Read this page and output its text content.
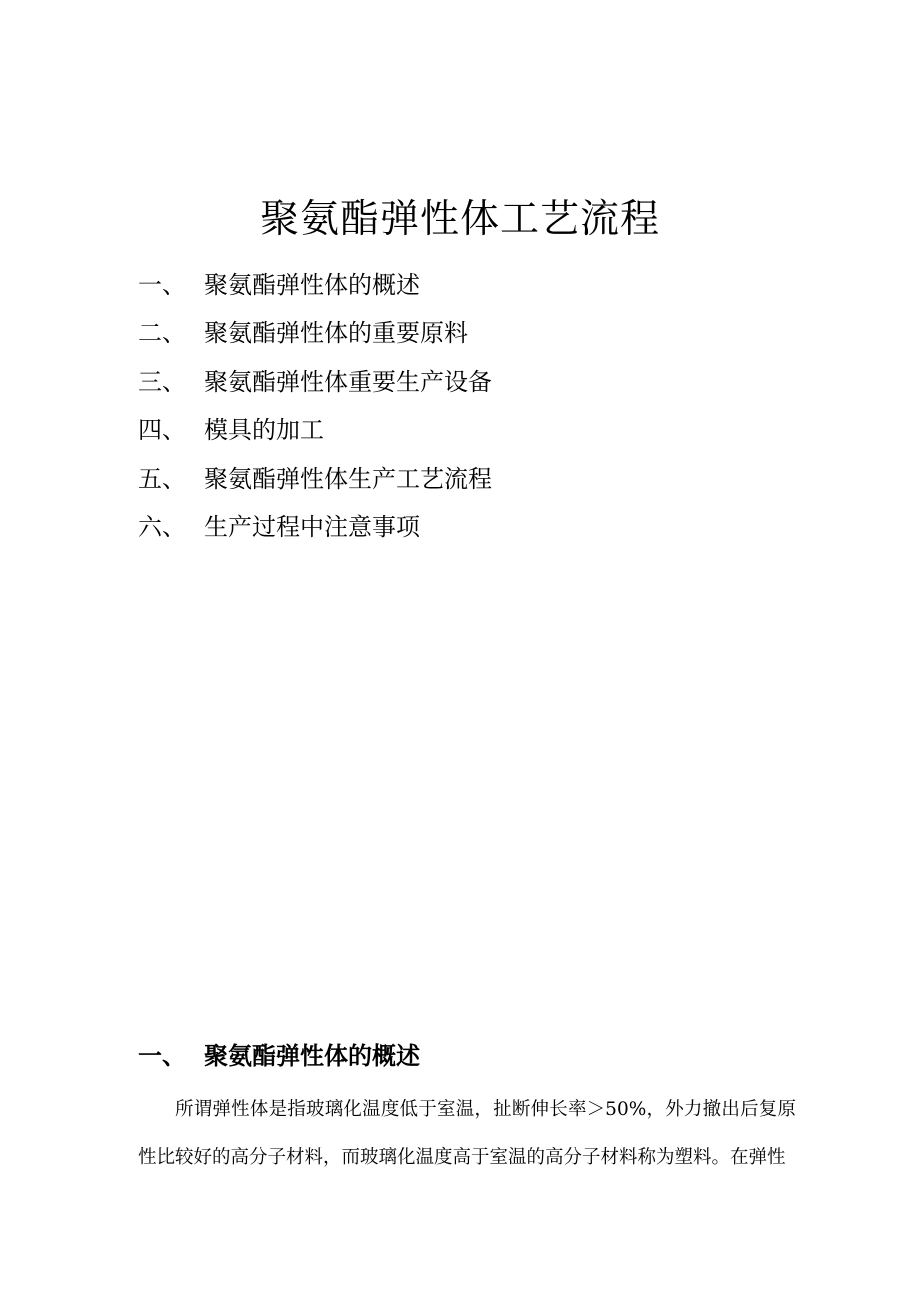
聚氨酯弹性体工艺流程
一、 聚氨酯弹性体的概述
二、 聚氨酯弹性体的重要原料
三、 聚氨酯弹性体重要生产设备
四、 模具的加工
五、 聚氨酯弹性体生产工艺流程
六、 生产过程中注意事项
一、 聚氨酯弹性体的概述
所谓弹性体是指玻璃化温度低于室温，扯断伸长率＞50%，外力撤出后复原性比较好的高分子材料，而玻璃化温度高于室温的高分子材料称为塑料。在弹性
